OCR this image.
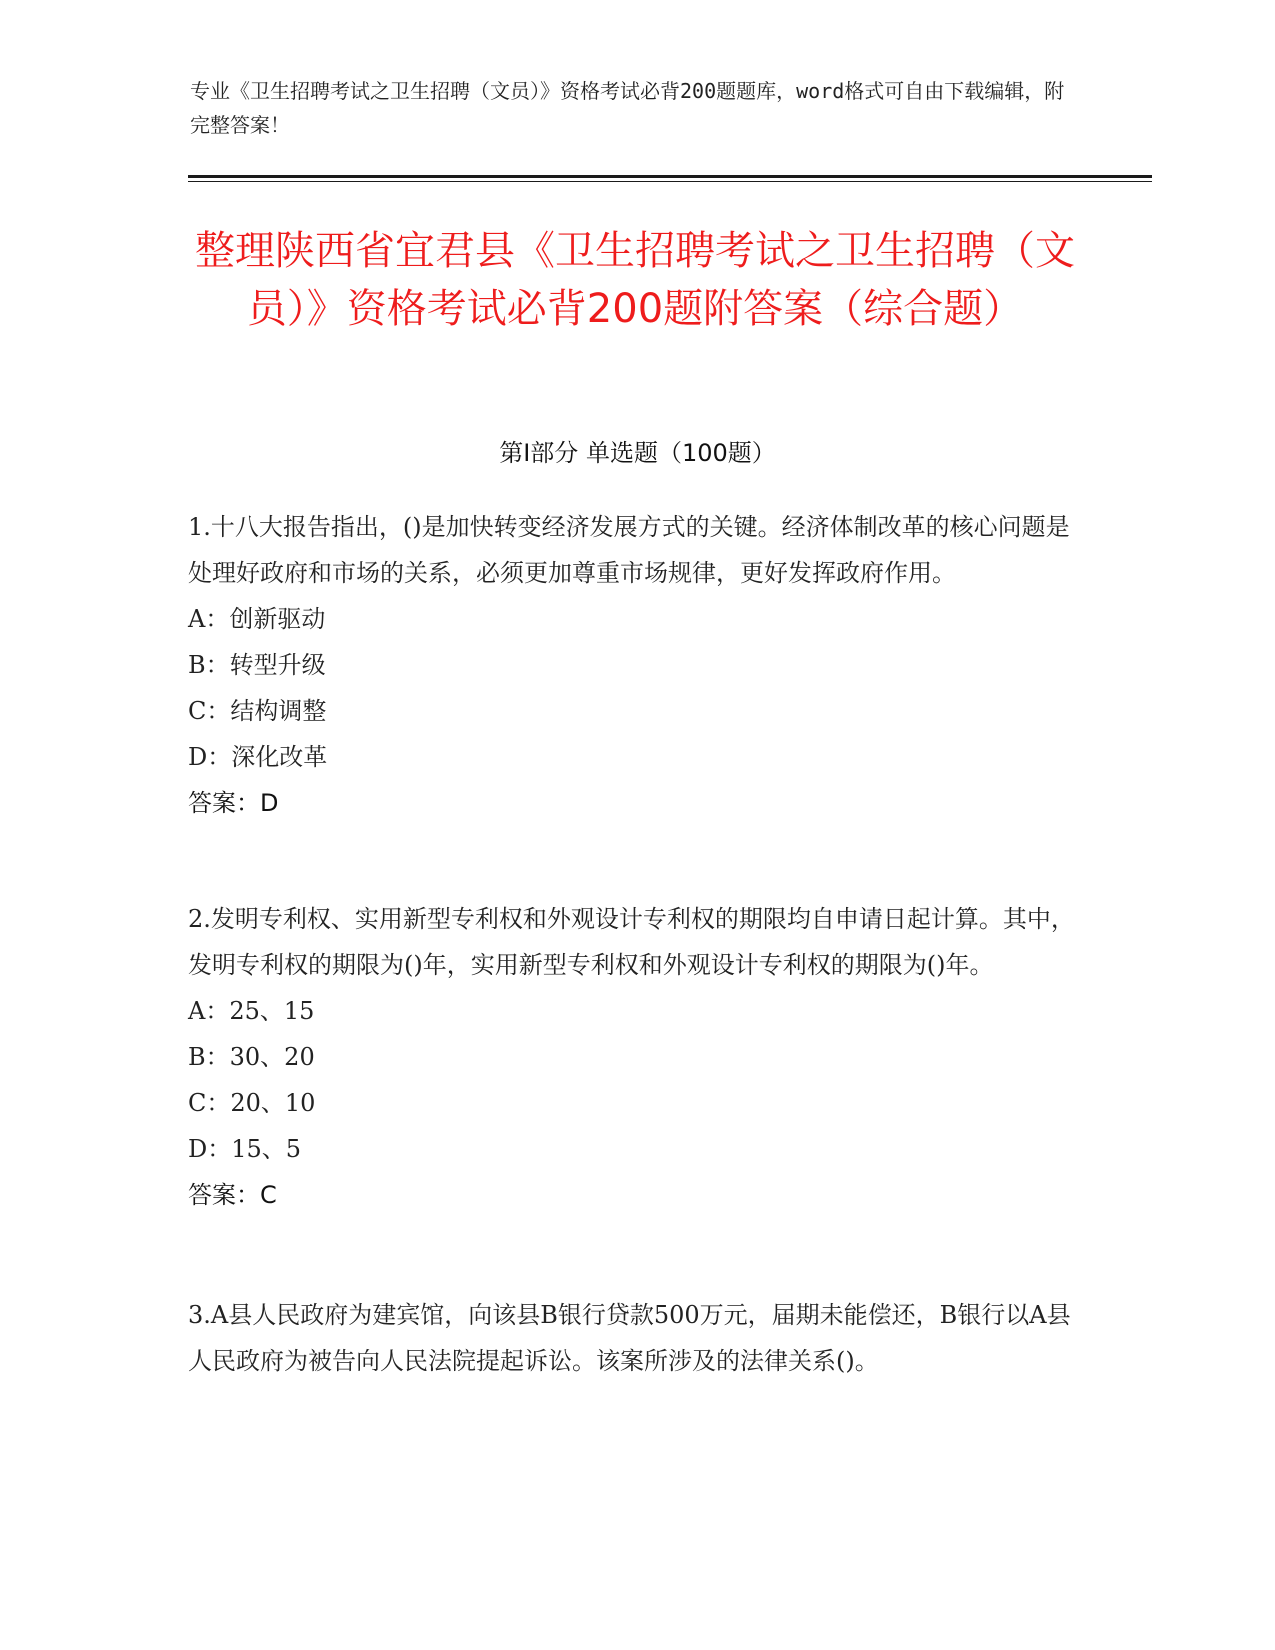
专业《卫生招聘考试之卫生招聘（文员）》资格考试必背200题题库，word格式可自由下载编辑，附完整答案！
整理陕西省宜君县《卫生招聘考试之卫生招聘（文员）》资格考试必背200题附答案（综合题）
第I部分 单选题（100题）
1.十八大报告指出，()是加快转变经济发展方式的关键。经济体制改革的核心问题是处理好政府和市场的关系，必须更加尊重市场规律，更好发挥政府作用。
A：创新驱动
B：转型升级
C：结构调整
D：深化改革
答案：D
2.发明专利权、实用新型专利权和外观设计专利权的期限均自申请日起计算。其中，发明专利权的期限为()年，实用新型专利权和外观设计专利权的期限为()年。
A：25、15
B：30、20
C：20、10
D：15、5
答案：C
3.A县人民政府为建宾馆，向该县B银行贷款500万元，届期未能偿还，B银行以A县人民政府为被告向人民法院提起诉讼。该案所涉及的法律关系()。
